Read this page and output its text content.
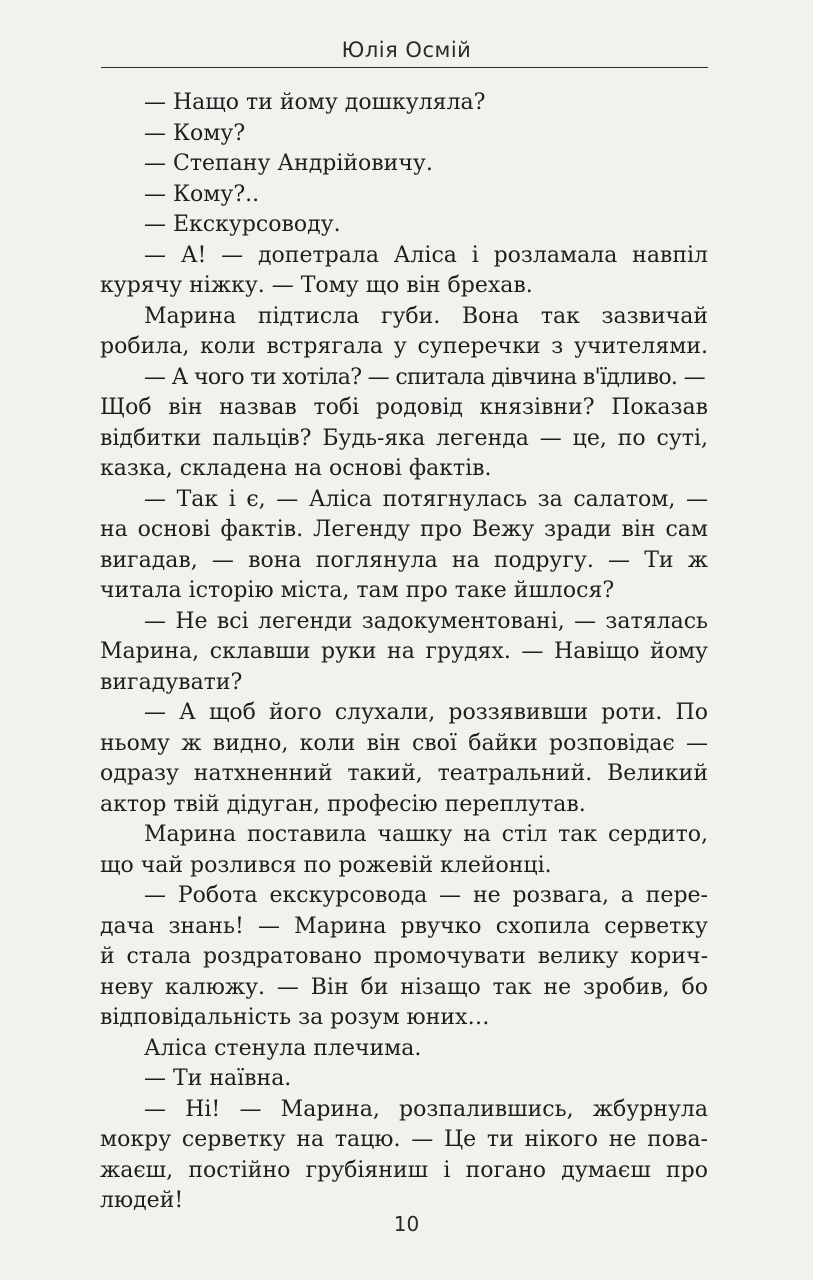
Юлія Осмій
— Нащо ти йому дошкуляла?
— Кому?
— Степану Андрійовичу.
— Кому?..
— Екскурсоводу.
— А! — допетрала Аліса і розламала навпіл
курячу ніжку. — Тому що він брехав.
Марина підтисла губи. Вона так зазвичай
робила, коли встрягала у суперечки з учителями.
— А чого ти хотіла? — спитала дівчина в'їдливо. —
Щоб він назвав тобі родовід князівни? Показав
відбитки пальців? Будь-яка легенда — це, по суті,
казка, складена на основі фактів.
— Так і є, — Аліса потягнулась за салатом, —
на основі фактів. Легенду про Вежу зради він сам
вигадав, — вона поглянула на подругу. — Ти ж
читала історію міста, там про таке йшлося?
— Не всі легенди задокументовані, — затялась
Марина, склавши руки на грудях. — Навіщо йому
вигадувати?
— А щоб його слухали, роззявивши роти. По
ньому ж видно, коли він свої байки розповідає —
одразу натхненний такий, театральний. Великий
актор твій дідуган, професію переплутав.
Марина поставила чашку на стіл так сердито,
що чай розлився по рожевій клейонці.
— Робота екскурсовода — не розвага, а пере-
дача знань! — Марина рвучко схопила серветку
й стала роздратовано промочувати велику корич-
неву калюжу. — Він би нізащо так не зробив, бо
відповідальність за розум юних…
Аліса стенула плечима.
— Ти наївна.
— Ні! — Марина, розпалившись, жбурнула
мокру серветку на тацю. — Це ти нікого не пова-
жаєш, постійно грубіяниш і погано думаєш про
людей!
10
